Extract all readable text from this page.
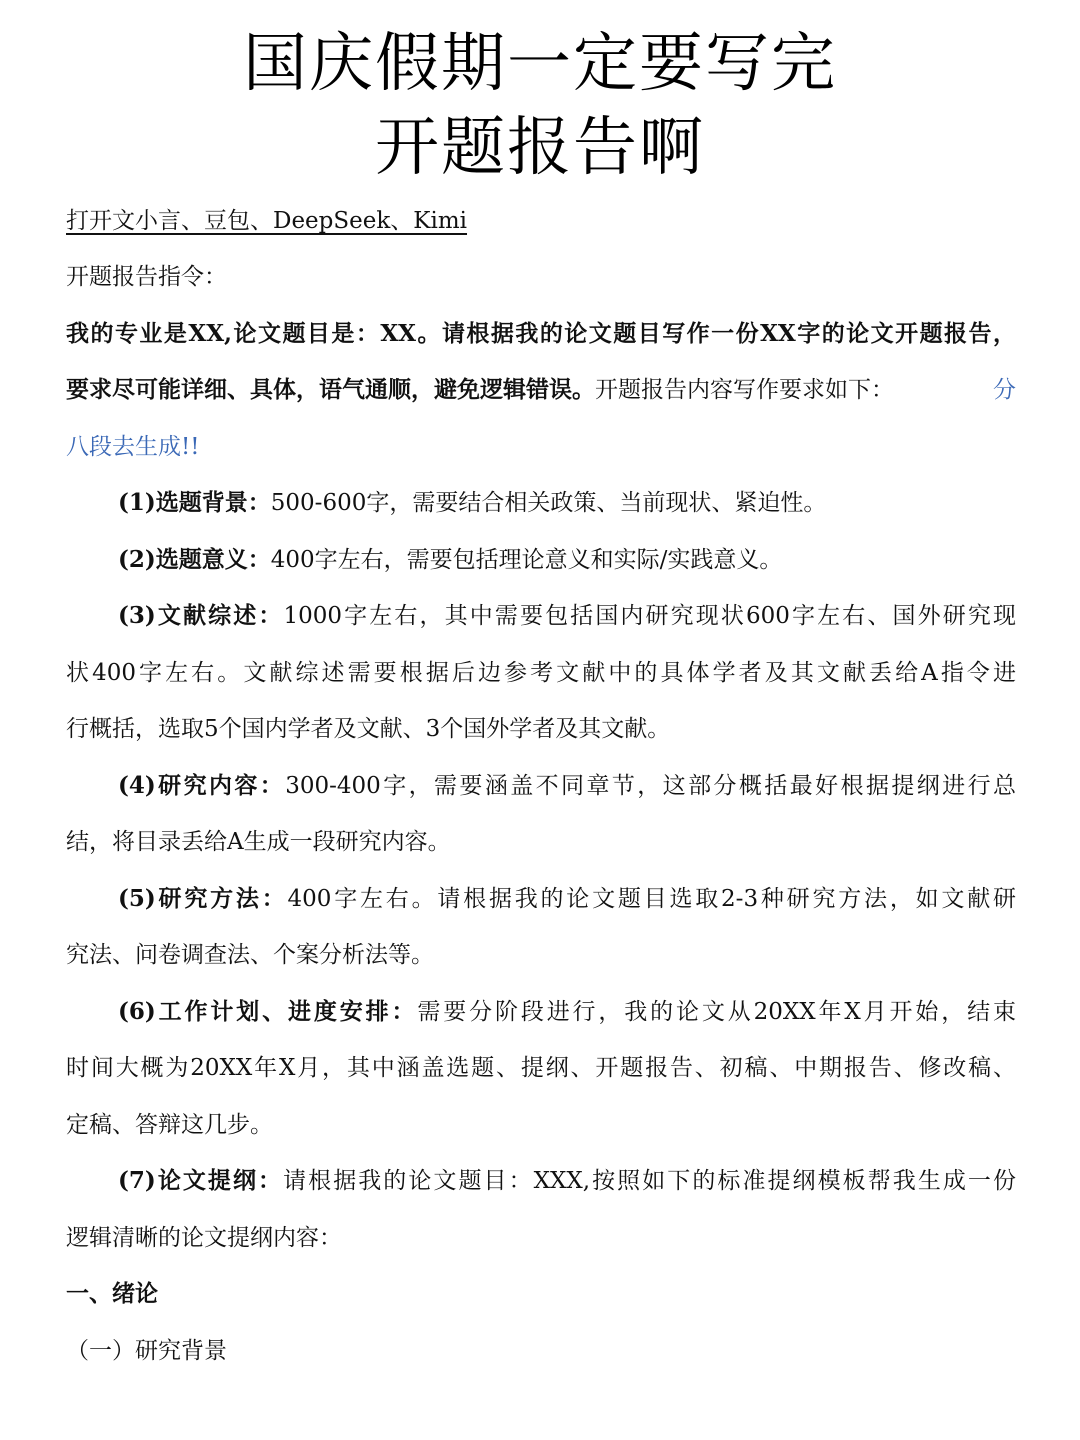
国庆假期一定要写完
开题报告啊
打开文小言、豆包、DeepSeek、Kimi
开题报告指令：
我的专业是XX,论文题目是：XX。请根据我的论文题目写作一份XX字的论文开题报告，
要求尽可能详细、具体，语气通顺，避免逻辑错误。开题报告内容写作要求如下：	分
八段去生成!!
(1)选题背景：500-600字，需要结合相关政策、当前现状、紧迫性。
(2)选题意义：400字左右，需要包括理论意义和实际/实践意义。
(3)文献综述：1000字左右，其中需要包括国内研究现状600字左右、国外研究现
状400字左右。文献综述需要根据后边参考文献中的具体学者及其文献丢给A指令进
行概括，选取5个国内学者及文献、3个国外学者及其文献。
(4)研究内容：300-400字，需要涵盖不同章节，这部分概括最好根据提纲进行总
结，将目录丢给A生成一段研究内容。
(5)研究方法：400字左右。请根据我的论文题目选取2-3种研究方法，如文献研
究法、问卷调查法、个案分析法等。
(6)工作计划、进度安排：需要分阶段进行，我的论文从20XX年X月开始，结束
时间大概为20XX年X月，其中涵盖选题、提纲、开题报告、初稿、中期报告、修改稿、
定稿、答辩这几步。
(7)论文提纲：请根据我的论文题目：XXX,按照如下的标准提纲模板帮我生成一份
逻辑清晰的论文提纲内容：
一、绪论
（一）研究背景
